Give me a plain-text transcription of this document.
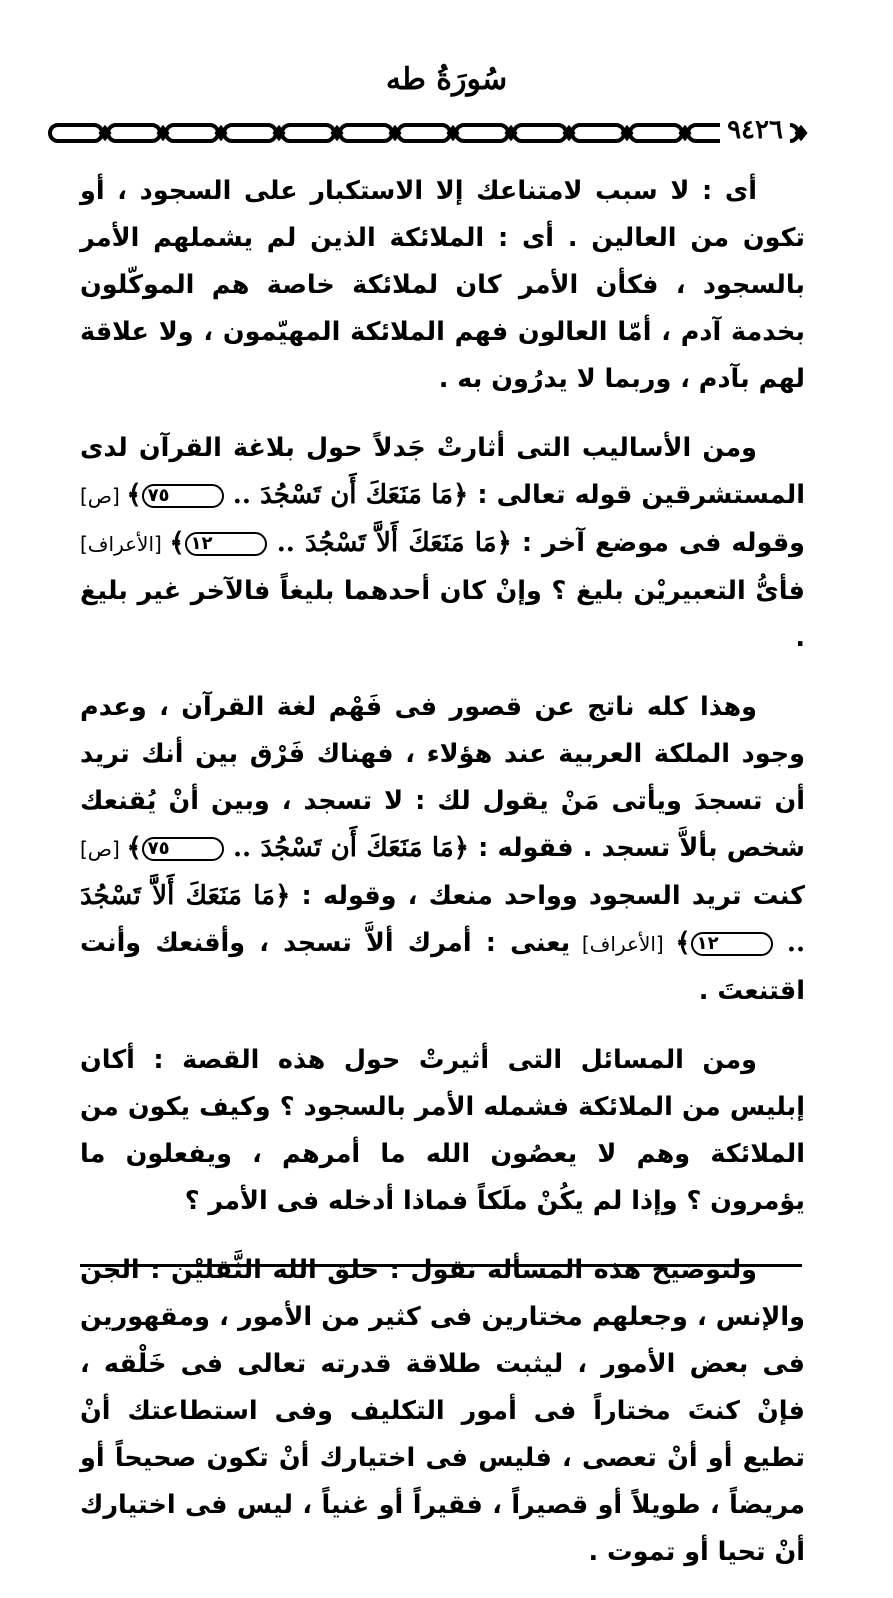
سُورَةُ طه
٩٤٢٦

أى : لا سبب لامتناعك إلا الاستكبار على السجود ، أو تكون من العالين . أى : الملائكة الذين لم يشملهم الأمر بالسجود ، فكأن الأمر كان لملائكة خاصة هم الموكّلون بخدمة آدم ، أمّا العالون فهم الملائكة المهيّمون ، ولا علاقة لهم بآدم ، وربما لا يدرُون به .

ومن الأساليب التى أثارتْ جَدلاً حول بلاغة القرآن لدى المستشرقين قوله تعالى : ﴿مَا مَنَعَكَ أَن تَسْجُدَ .. ٧٥﴾ [ص] وقوله فى موضع آخر : ﴿مَا مَنَعَكَ أَلاَّ تَسْجُدَ .. ١٢﴾ [الأعراف] فأىُّ التعبيريْن بليغ ؟ وإنْ كان أحدهما بليغاً فالآخر غير بليغ .

وهذا كله ناتج عن قصور فى فَهْم لغة القرآن ، وعدم وجود الملكة العربية عند هؤلاء ، فهناك فَرْق بين أنك تريد أن تسجدَ ويأتى مَنْ يقول لك : لا تسجد ، وبين أنْ يُقنعك شخص بألاَّ تسجد . فقوله : ﴿مَا مَنَعَكَ أَن تَسْجُدَ .. ٧٥﴾ [ص] كنت تريد السجود وواحد منعك ، وقوله : ﴿مَا مَنَعَكَ أَلاَّ تَسْجُدَ .. ١٢﴾ [الأعراف] يعنى : أمرك ألاَّ تسجد ، وأقنعك وأنت اقتنعتَ .

ومن المسائل التى أثيرتْ حول هذه القصة : أكان إبليس من الملائكة فشمله الأمر بالسجود ؟ وكيف يكون من الملائكة وهم لا يعصُون الله ما أمرهم ، ويفعلون ما يؤمرون ؟ وإذا لم يكُنْ ملَكاً فماذا أدخله فى الأمر ؟

ولتوضيح هذه المسألة نقول : خلق الله الثَّقليْن : الجن والإنس ، وجعلهم مختارين فى كثير من الأمور ، ومقهورين فى بعض الأمور ، ليثبت طلاقة قدرته تعالى فى خَلْقه ، فإنْ كنتَ مختاراً فى أمور التكليف وفى استطاعتك أنْ تطيع أو أنْ تعصى ، فليس فى اختيارك أنْ تكون صحيحاً أو مريضاً ، طويلاً أو قصيراً ، فقيراً أو غنياً ، ليس فى اختيارك أنْ تحيا أو تموت .
